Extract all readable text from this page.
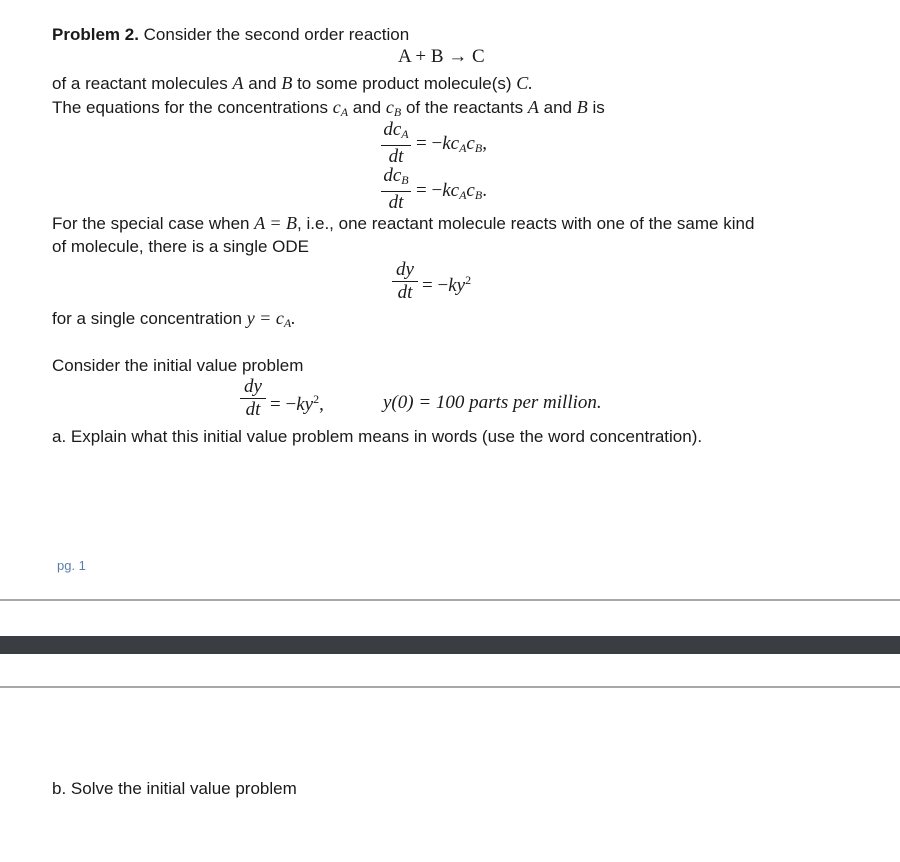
Problem 2. Consider the second order reaction
A + B → C
of a reactant molecules A and B to some product molecule(s) C.
The equations for the concentrations $c_A$ and $c_B$ of the reactants A and B is
$dc_A$
dt
= $-kc_Ac_B$,
$dc_B$
dt
= $-kc_Ac_B$.
For the special case when A = B, i.e., one reactant molecule reacts with one of the same kind
of molecule, there is a single ODE
dy
dt = $-ky^2$
for a single concentration $y = c_A$.
Consider the initial value problem
dy
dt = $-ky^2$,	y(0) = 100 parts per million.
a. Explain what this initial value problem means in words (use the word concentration).
pg. 1
b. Solve the initial value problem
